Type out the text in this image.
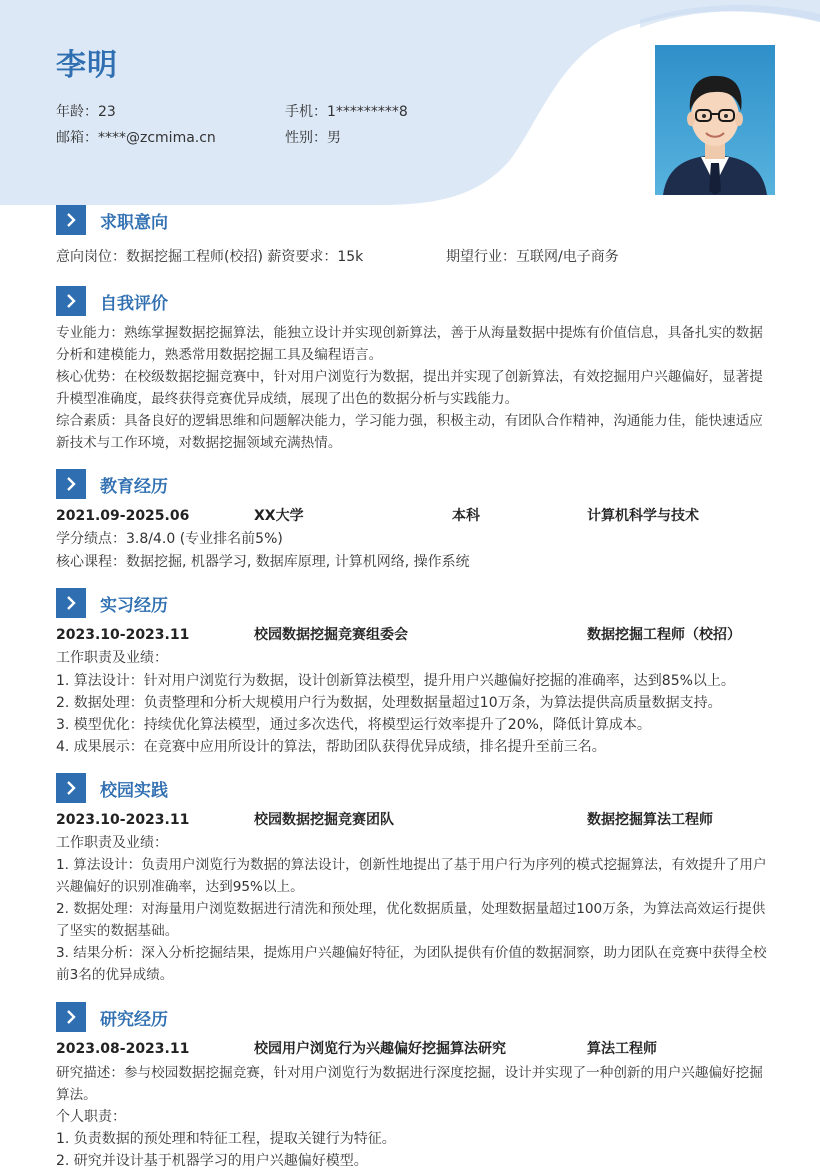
李明
年龄：23	手机：1*********8
邮箱：****@zcmima.cn	性别：男
求职意向
意向岗位：数据挖掘工程师(校招) 薪资要求：15k	期望行业：互联网/电子商务
自我评价
专业能力：熟练掌握数据挖掘算法，能独立设计并实现创新算法，善于从海量数据中提炼有价值信息，具备扎实的数据分析和建模能力，熟悉常用数据挖掘工具及编程语言。
核心优势：在校级数据挖掘竞赛中，针对用户浏览行为数据，提出并实现了创新算法，有效挖掘用户兴趣偏好，显著提升模型准确度，最终获得竞赛优异成绩，展现了出色的数据分析与实践能力。
综合素质：具备良好的逻辑思维和问题解决能力，学习能力强，积极主动，有团队合作精神，沟通能力佳，能快速适应新技术与工作环境，对数据挖掘领域充满热情。
教育经历
2021.09-2025.06	XX大学	本科	计算机科学与技术
学分绩点：3.8/4.0 (专业排名前5%)
核心课程：数据挖掘, 机器学习, 数据库原理, 计算机网络, 操作系统
实习经历
2023.10-2023.11	校园数据挖掘竞赛组委会	数据挖掘工程师（校招）
工作职责及业绩：
1. 算法设计：针对用户浏览行为数据，设计创新算法模型，提升用户兴趣偏好挖掘的准确率，达到85%以上。
2. 数据处理：负责整理和分析大规模用户行为数据，处理数据量超过10万条，为算法提供高质量数据支持。
3. 模型优化：持续优化算法模型，通过多次迭代，将模型运行效率提升了20%，降低计算成本。
4. 成果展示：在竞赛中应用所设计的算法，帮助团队获得优异成绩，排名提升至前三名。
校园实践
2023.10-2023.11	校园数据挖掘竞赛团队	数据挖掘算法工程师
工作职责及业绩：
1. 算法设计：负责用户浏览行为数据的算法设计，创新性地提出了基于用户行为序列的模式挖掘算法，有效提升了用户兴趣偏好的识别准确率，达到95%以上。
2. 数据处理：对海量用户浏览数据进行清洗和预处理，优化数据质量，处理数据量超过100万条，为算法高效运行提供了坚实的数据基础。
3. 结果分析：深入分析挖掘结果，提炼用户兴趣偏好特征，为团队提供有价值的数据洞察，助力团队在竞赛中获得全校前3名的优异成绩。
研究经历
2023.08-2023.11	校园用户浏览行为兴趣偏好挖掘算法研究	算法工程师
研究描述：参与校园数据挖掘竞赛，针对用户浏览行为数据进行深度挖掘，设计并实现了一种创新的用户兴趣偏好挖掘算法。
个人职责：
1. 负责数据的预处理和特征工程，提取关键行为特征。
2. 研究并设计基于机器学习的用户兴趣偏好模型。
